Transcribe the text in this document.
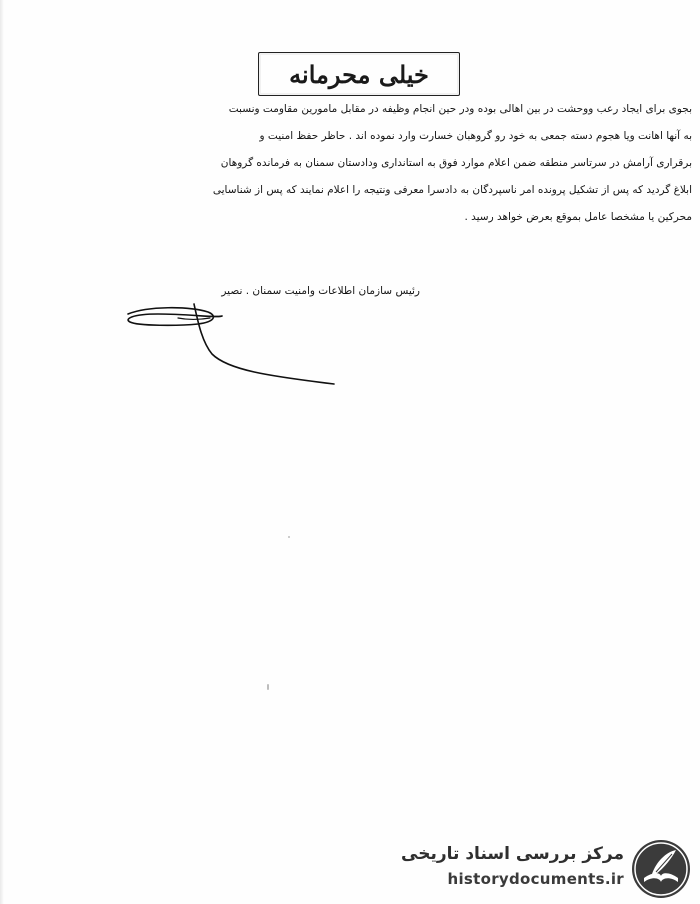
خیلی محرمانه
بجوی برای ایجاد رعب ووحشت در بین اهالی بوده ودر حین انجام وظیفه در مقابل مامورین مقاومت ونسبت
به آنها اهانت ویا هجوم دسته جمعی به خود رو گروهبان خسارت وارد نموده اند . حاظر حفظ امنیت و
برقراری آرامش در سرتاسر منطقه ضمن اعلام موارد فوق به استانداری ودادستان سمنان به فرمانده گروهان
ابلاغ گردید که پس از تشکیل پرونده امر ناسپردگان به دادسرا معرفی ونتیجه را اعلام نمایند که پس از شناسایی
محرکین یا مشخصا عامل بموقع بعرض خواهد رسید .
رئیس سازمان اطلاعات وامنیت سمنان . نصیر
مرکز بررسی اسناد تاریخی
historydocuments.ir
